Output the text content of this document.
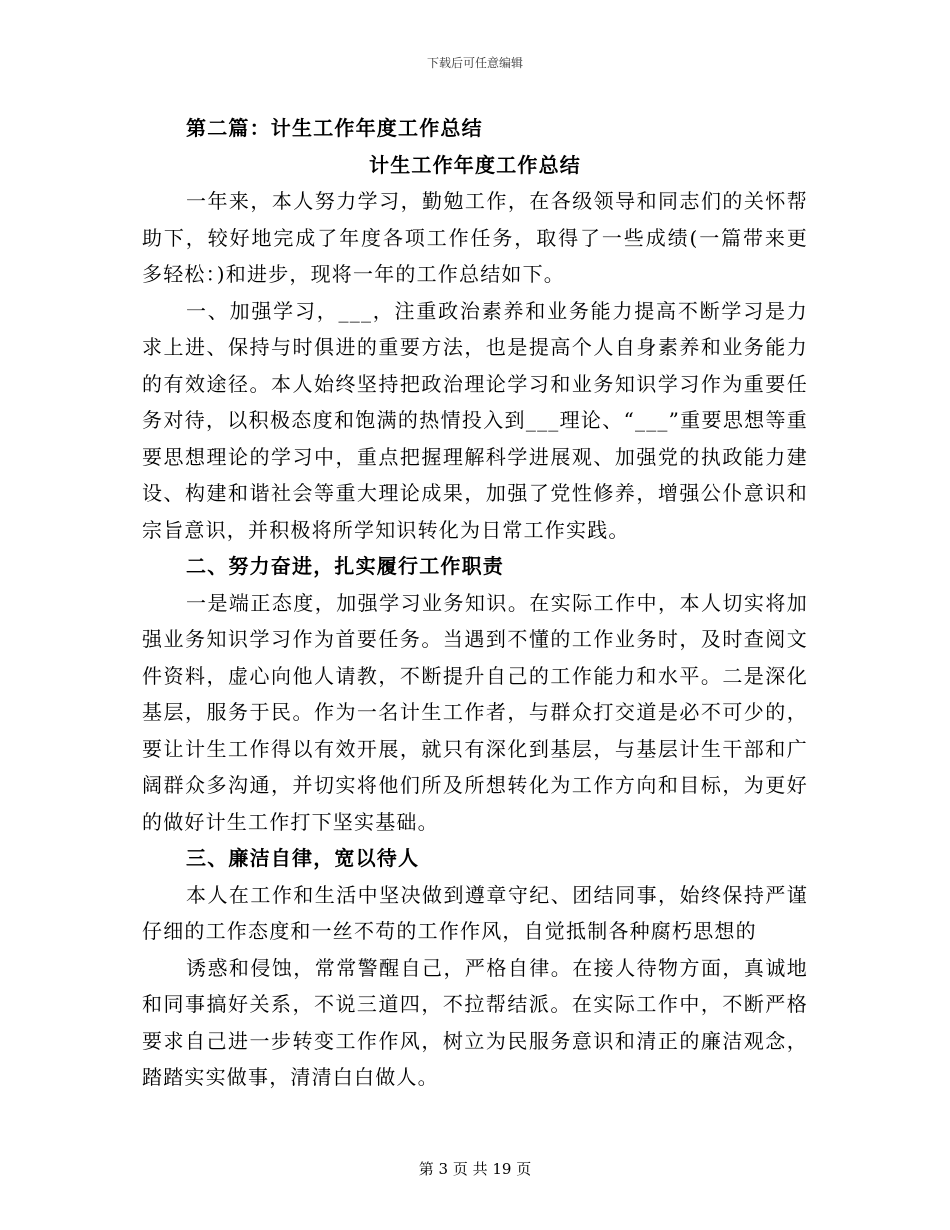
下载后可任意编辑

第二篇：计生工作年度工作总结

计生工作年度工作总结

一年来，本人努力学习，勤勉工作，在各级领导和同志们的关怀帮助下，较好地完成了年度各项工作任务，取得了一些成绩(一篇带来更多轻松：)和进步，现将一年的工作总结如下。

一、加强学习，___，注重政治素养和业务能力提高不断学习是力求上进、保持与时俱进的重要方法，也是提高个人自身素养和业务能力的有效途径。本人始终坚持把政治理论学习和业务知识学习作为重要任务对待，以积极态度和饱满的热情投入到___理论、“___”重要思想等重要思想理论的学习中，重点把握理解科学进展观、加强党的执政能力建设、构建和谐社会等重大理论成果，加强了党性修养，增强公仆意识和宗旨意识，并积极将所学知识转化为日常工作实践。

二、努力奋进，扎实履行工作职责

一是端正态度，加强学习业务知识。在实际工作中，本人切实将加强业务知识学习作为首要任务。当遇到不懂的工作业务时，及时查阅文件资料，虚心向他人请教，不断提升自己的工作能力和水平。二是深化基层，服务于民。作为一名计生工作者，与群众打交道是必不可少的，要让计生工作得以有效开展，就只有深化到基层，与基层计生干部和广阔群众多沟通，并切实将他们所及所想转化为工作方向和目标，为更好的做好计生工作打下坚实基础。

三、廉洁自律，宽以待人

本人在工作和生活中坚决做到遵章守纪、团结同事，始终保持严谨仔细的工作态度和一丝不苟的工作作风，自觉抵制各种腐朽思想的

诱惑和侵蚀，常常警醒自己，严格自律。在接人待物方面，真诚地和同事搞好关系，不说三道四，不拉帮结派。在实际工作中，不断严格要求自己进一步转变工作作风，树立为民服务意识和清正的廉洁观念，踏踏实实做事，清清白白做人。

第 3 页 共 19 页
